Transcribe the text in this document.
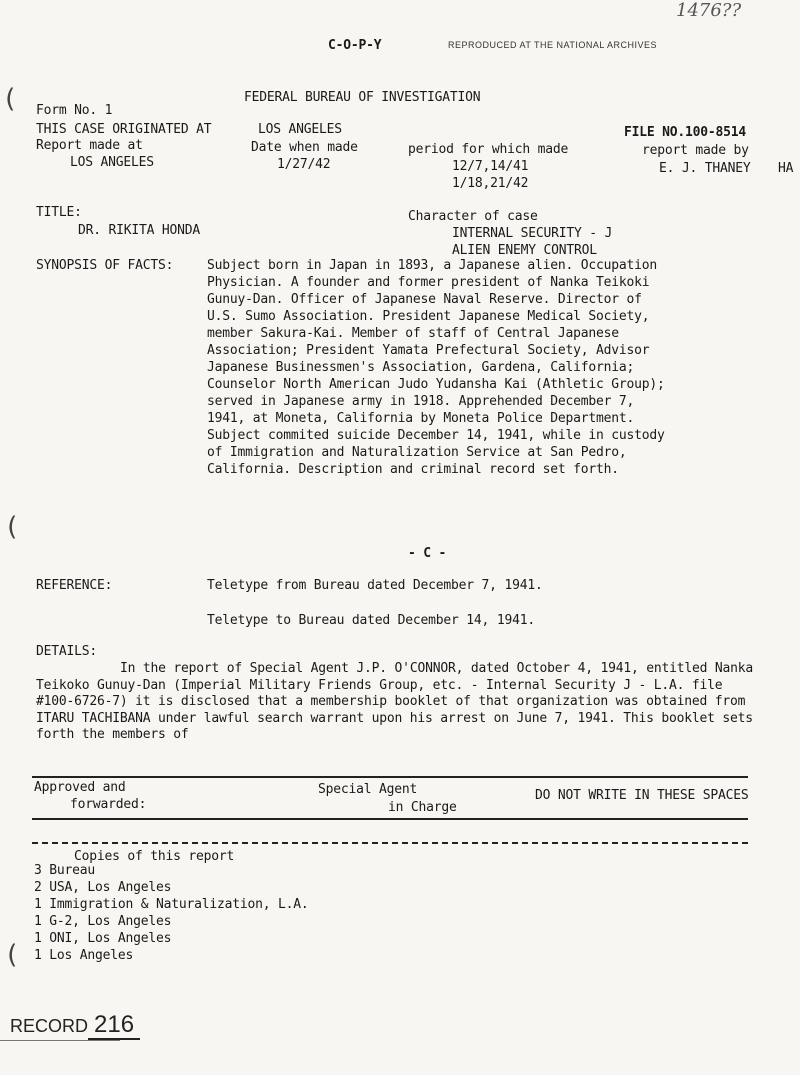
1476??
C-O-P-Y	REPRODUCED AT THE NATIONAL ARCHIVES
FEDERAL BUREAU OF INVESTIGATION
(
(
(
Form No. 1
THIS CASE ORIGINATED AT	LOS ANGELES	FILE NO.100-8514
Report made at
LOS ANGELES
Date when made
1/27/42
period for which made
12/7,14/41
1/18,21/42
report made by
E. J. THANEY HA
TITLE:
DR. RIKITA HONDA
Character of case
INTERNAL SECURITY - J
ALIEN ENEMY CONTROL
SYNOPSIS OF FACTS:	Subject born in Japan in 1893, a Japanese alien. Occupation Physician. A founder and former president of Nanka Teikoki Gunuy-Dan. Officer of Japanese Naval Reserve. Director of U.S. Sumo Association. President Japanese Medical Society, member Sakura-Kai. Member of staff of Central Japanese Association; President Yamata Prefectural Society, Advisor Japanese Businessmen's Association, Gardena, California; Counselor North American Judo Yudansha Kai (Athletic Group); served in Japanese army in 1918. Apprehended December 7, 1941, at Moneta, California by Moneta Police Department. Subject commited suicide December 14, 1941, while in custody of Immigration and Naturalization Service at San Pedro, California. Description and criminal record set forth.
- C -
REFERENCE:	Teletype from Bureau dated December 7, 1941.
Teletype to Bureau dated December 14, 1941.
DETAILS:
In the report of Special Agent J.P. O'CONNOR, dated October 4, 1941, entitled Nanka Teikoko Gunuy-Dan (Imperial Military Friends Group, etc. - Internal Security J - L.A. file #100-6726-7) it is disclosed that a membership booklet of that organization was obtained from ITARU TACHIBANA under lawful search warrant upon his arrest on June 7, 1941. This booklet sets forth the members of
Approved and
forwarded:
Special Agent
in Charge
DO NOT WRITE IN THESE SPACES
Copies of this report
3 Bureau
2 USA, Los Angeles
1 Immigration & Naturalization, L.A.
1 G-2, Los Angeles
1 ONI, Los Angeles
1 Los Angeles

RECORD 216
